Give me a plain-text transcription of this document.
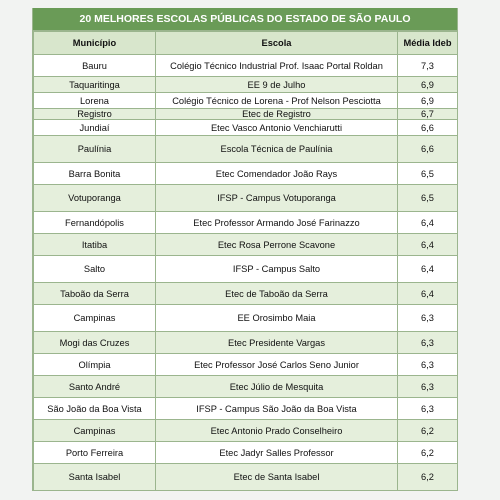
20 MELHORES ESCOLAS PÚBLICAS DO ESTADO DE SÃO PAULO
Município	Escola	Média Ideb
Bauru	Colégio Técnico Industrial Prof. Isaac Portal Roldan	7,3
Taquaritinga	EE 9 de Julho	6,9
Lorena	Colégio Técnico de Lorena - Prof Nelson Pesciotta	6,9
Registro	Etec de Registro	6,7
Jundiaí	Etec Vasco Antonio Venchiarutti	6,6
Paulínia	Escola Técnica de Paulínia	6,6
Barra Bonita	Etec Comendador João Rays	6,5
Votuporanga	IFSP - Campus Votuporanga	6,5
Fernandópolis	Etec Professor Armando José Farinazzo	6,4
Itatiba	Etec Rosa Perrone Scavone	6,4
Salto	IFSP - Campus Salto	6,4
Taboão da Serra	Etec de Taboão da Serra	6,4
Campinas	EE Orosimbo Maia	6,3
Mogi das Cruzes	Etec Presidente Vargas	6,3
Olímpia	Etec Professor José Carlos Seno Junior	6,3
Santo André	Etec Júlio de Mesquita	6,3
São João da Boa Vista	IFSP - Campus São João da Boa Vista	6,3
Campinas	Etec Antonio Prado Conselheiro	6,2
Porto Ferreira	Etec Jadyr Salles Professor	6,2
Santa Isabel	Etec de Santa Isabel	6,2
